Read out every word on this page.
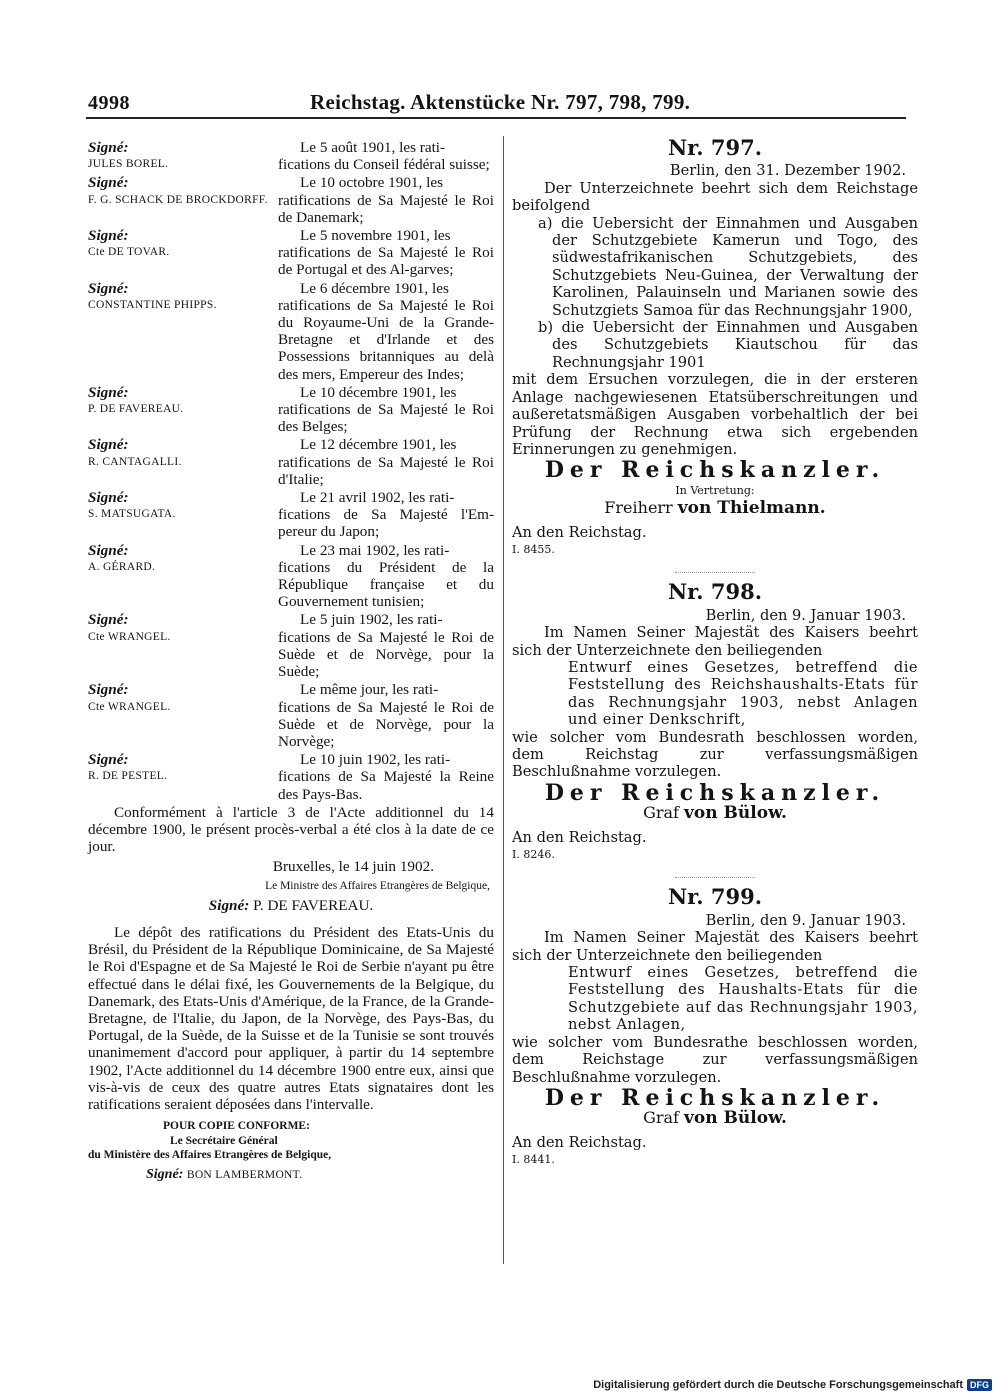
4998	Reichstag. Aktenstücke Nr. 797, 798, 799.
Signé:
JULES BOREL.
Le 5 août 1901, les rati-
fications du Conseil fédéral suisse;
Signé:
F. G. SCHACK DE BROCKDORFF.
Le 10 octobre 1901, les
ratifications de Sa Majesté le Roi de Danemark;
Signé:
Cte DE TOVAR.
Le 5 novembre 1901, les
ratifications de Sa Majesté le Roi de Portugal et des Al-garves;
Signé:
CONSTANTINE PHIPPS.
Le 6 décembre 1901, les
ratifications de Sa Majesté le Roi du Royaume-Uni de la Grande-Bretagne et d'Irlande et des Possessions britanniques au delà des mers, Empereur des Indes;
Signé:
P. DE FAVEREAU.
Le 10 décembre 1901, les
ratifications de Sa Majesté le Roi des Belges;
Signé:
R. CANTAGALLI.
Le 12 décembre 1901, les
ratifications de Sa Majesté le Roi d'Italie;
Signé:
S. MATSUGATA.
Le 21 avril 1902, les rati-
fications de Sa Majesté l'Em-pereur du Japon;
Signé:
A. GÉRARD.
Le 23 mai 1902, les rati-
fications du Président de la République française et du Gouvernement tunisien;
Signé:
Cte WRANGEL.
Le 5 juin 1902, les rati-
fications de Sa Majesté le Roi de Suède et de Norvège, pour la Suède;
Signé:
Cte WRANGEL.
Le même jour, les rati-
fications de Sa Majesté le Roi de Suède et de Norvège, pour la Norvège;
Signé:
R. DE PESTEL.
Le 10 juin 1902, les rati-
fications de Sa Majesté la Reine des Pays-Bas.

Conformément à l'article 3 de l'Acte additionnel du 14 décembre 1900, le présent procès-verbal a été clos à la date de ce jour.

Bruxelles, le 14 juin 1902.
Le Ministre des Affaires Etrangères de Belgique,
Signé: P. DE FAVEREAU.

Le dépôt des ratifications du Président des Etats-Unis du Brésil, du Président de la République Dominicaine, de Sa Majesté le Roi d'Espagne et de Sa Majesté le Roi de Serbie n'ayant pu être effectué dans le délai fixé, les Gouvernements de la Belgique, du Danemark, des Etats-Unis d'Amérique, de la France, de la Grande-Bretagne, de l'Italie, du Japon, de la Norvège, des Pays-Bas, du Portugal, de la Suède, de la Suisse et de la Tunisie se sont trouvés unanimement d'accord pour appliquer, à partir du 14 septembre 1902, l'Acte additionnel du 14 décembre 1900 entre eux, ainsi que vis-à-vis de ceux des quatre autres Etats signataires dont les ratifications seraient déposées dans l'intervalle.

POUR COPIE CONFORME:
Le Secrétaire Général
du Ministère des Affaires Etrangères de Belgique,
Signé: BON LAMBERMONT.
Nr. 797.
Berlin, den 31. Dezember 1902.

Der Unterzeichnete beehrt sich dem Reichstage beifolgend

a) die Uebersicht der Einnahmen und Ausgaben der Schutzgebiete Kamerun und Togo, des südwestafrikanischen Schutzgebiets, des Schutzgebiets Neu-Guinea, der Verwaltung der Karolinen, Palauinseln und Marianen sowie des Schutzgiets Samoa für das Rechnungsjahr 1900,
b) die Uebersicht der Einnahmen und Ausgaben des Schutzgebiets Kiautschou für das Rechnungsjahr 1901

mit dem Ersuchen vorzulegen, die in der ersteren Anlage nachgewiesenen Etatsüberschreitungen und außeretatsmäßigen Ausgaben vorbehaltlich der bei Prüfung der Rechnung etwa sich ergebenden Erinnerungen zu genehmigen.

Der Reichskanzler.
In Vertretung:
Freiherr von Thielmann.
An den Reichstag.
I. 8455.
Nr. 798.
Berlin, den 9. Januar 1903.

Im Namen Seiner Majestät des Kaisers beehrt sich der Unterzeichnete den beiliegenden

Entwurf eines Gesetzes, betreffend die Feststellung des Reichshaushalts-Etats für das Rechnungsjahr 1903, nebst Anlagen und einer Denkschrift,

wie solcher vom Bundesrath beschlossen worden, dem Reichstag zur verfassungsmäßigen Beschlußnahme vorzulegen.

Der Reichskanzler.
Graf von Bülow.
An den Reichstag.
I. 8246.
Nr. 799.
Berlin, den 9. Januar 1903.

Im Namen Seiner Majestät des Kaisers beehrt sich der Unterzeichnete den beiliegenden

Entwurf eines Gesetzes, betreffend die Feststellung des Haushalts-Etats für die Schutzgebiete auf das Rechnungsjahr 1903, nebst Anlagen,

wie solcher vom Bundesrathe beschlossen worden, dem Reichstage zur verfassungsmäßigen Beschlußnahme vorzulegen.

Der Reichskanzler.
Graf von Bülow.
An den Reichstag.
I. 8441.
Digitalisierung gefördert durch die Deutsche Forschungsgemeinschaft DFG
